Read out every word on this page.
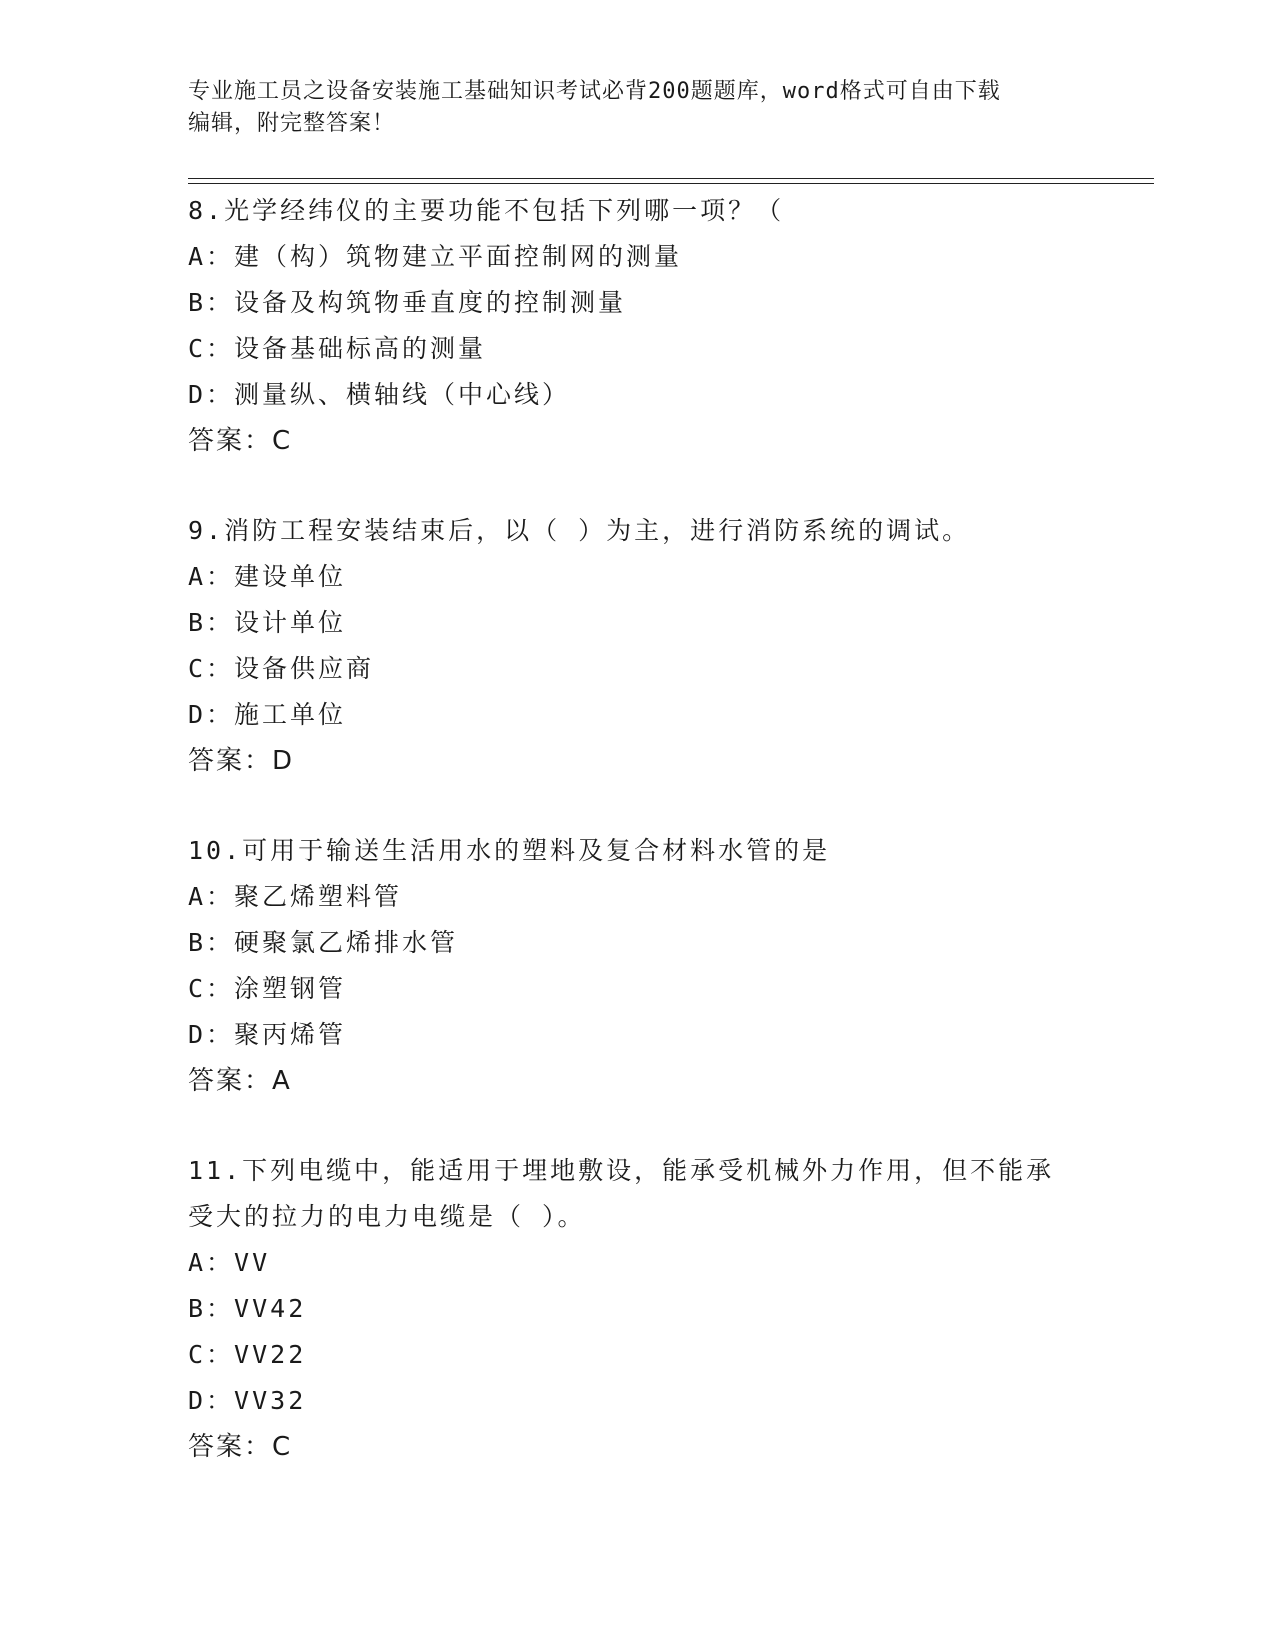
专业施工员之设备安装施工基础知识考试必背200题题库，word格式可自由下载
编辑，附完整答案！
8.光学经纬仪的主要功能不包括下列哪一项？（
A：建（构）筑物建立平面控制网的测量
B：设备及构筑物垂直度的控制测量
C：设备基础标高的测量
D：测量纵、横轴线（中心线）
答案：C
9.消防工程安装结束后，以（ ）为主，进行消防系统的调试。
A：建设单位
B：设计单位
C：设备供应商
D：施工单位
答案：D
10.可用于输送生活用水的塑料及复合材料水管的是
A：聚乙烯塑料管
B：硬聚氯乙烯排水管
C：涂塑钢管
D：聚丙烯管
答案：A
11.下列电缆中，能适用于埋地敷设，能承受机械外力作用，但不能承
受大的拉力的电力电缆是（ ）。
A：VV
B：VV42
C：VV22
D：VV32
答案：C
